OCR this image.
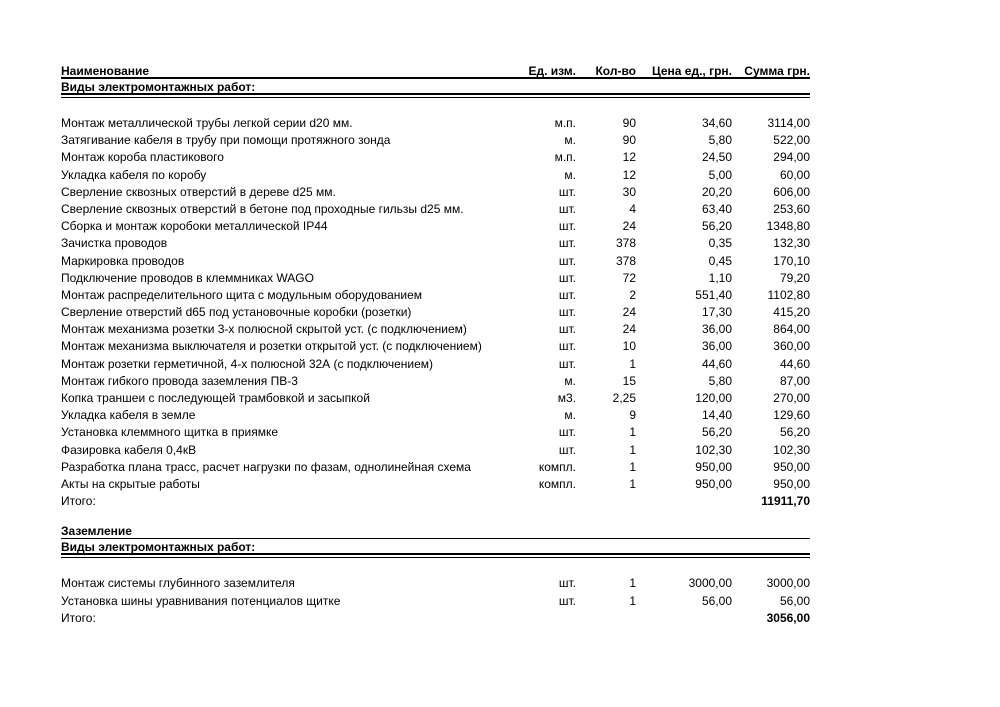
Наименование	Ед. изм.	Кол-во	Цена ед., грн.	Сумма грн.
Виды электромонтажных работ:
Монтаж металлической трубы легкой серии d20 мм.	м.п.	90	34,60	3114,00
Затягивание кабеля в трубу при помощи протяжного зонда	м.	90	5,80	522,00
Монтаж короба пластикового	м.п.	12	24,50	294,00
Укладка кабеля по коробу	м.	12	5,00	60,00
Сверление сквозных отверстий в дереве d25 мм.	шт.	30	20,20	606,00
Сверление сквозных отверстий в бетоне под проходные гильзы d25 мм.	шт.	4	63,40	253,60
Сборка и монтаж коробоки металлической IP44	шт.	24	56,20	1348,80
Зачистка проводов	шт.	378	0,35	132,30
Маркировка проводов	шт.	378	0,45	170,10
Подключение проводов в клеммниках WAGO	шт.	72	1,10	79,20
Монтаж распределительного щита с модульным оборудованием	шт.	2	551,40	1102,80
Сверление отверстий d65 под установочные коробки (розетки)	шт.	24	17,30	415,20
Монтаж механизма розетки 3-х полюсной скрытой уст. (с подключением)	шт.	24	36,00	864,00
Монтаж механизма выключателя и розетки открытой уст. (с подключением)	шт.	10	36,00	360,00
Монтаж розетки герметичной, 4-х полюсной 32А (с подключением)	шт.	1	44,60	44,60
Монтаж гибкого провода заземления ПВ-3	м.	15	5,80	87,00
Копка траншеи с последующей трамбовкой и засыпкой	м3.	2,25	120,00	270,00
Укладка кабеля в земле	м.	9	14,40	129,60
Установка клеммного щитка в приямке	шт.	1	56,20	56,20
Фазировка кабеля 0,4кВ	шт.	1	102,30	102,30
Разработка плана трасс, расчет нагрузки по фазам, однолинейная схема	компл.	1	950,00	950,00
Акты на скрытые работы	компл.	1	950,00	950,00
Итого:	11911,70
Заземление
Виды электромонтажных работ:
Монтаж системы глубинного заземлителя	шт.	1	3000,00	3000,00
Установка шины уравнивания потенциалов щитке	шт.	1	56,00	56,00
Итого:	3056,00
